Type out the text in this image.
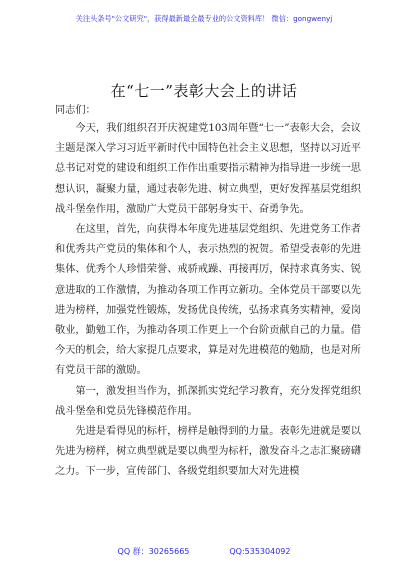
关注头条号"公文研究"，获得最新最全最专业的公文资料库！ 微信：gongwenyj
在“七一”表彰大会上的讲话
同志们：

今天，我们组织召开庆祝建党103周年暨“七一”表彰大会，会议主题是深入学习习近平新时代中国特色社会主义思想，坚持以习近平总书记对党的建设和组织工作作出重要指示精神为指导进一步统一思想认识，凝聚力量，通过表彰先进、树立典型，更好发挥基层党组织战斗堡垒作用，激励广大党员干部躬身实干、奋勇争先。

在这里，首先，向获得本年度先进基层党组织、先进党务工作者和优秀共产党员的集体和个人，表示热烈的祝贺。希望受表彰的先进集体、优秀个人珍惜荣誉、戒骄戒躁、再接再厉，保持求真务实、锐意进取的工作激情，为推动各项工作再立新功。全体党员干部要以先进为榜样，加强党性锻炼，发扬优良传统，弘扬求真务实精神，爱岗敬业，勤勉工作，为推动各项工作更上一个台阶贡献自己的力量。借今天的机会，给大家提几点要求，算是对先进模范的勉励，也是对所有党员干部的激励。

第一，激发担当作为，抓深抓实党纪学习教育，充分发挥党组织战斗堡垒和党员先锋模范作用。

先进是看得见的标杆，榜样是触得到的力量。表彰先进就是要以先进为榜样，树立典型就是要以典型为标杆，激发奋斗之志汇聚磅礴之力。下一步，宣传部门、各级党组织要加大对先进模

QQ 群：30265665	QQ:535304092
